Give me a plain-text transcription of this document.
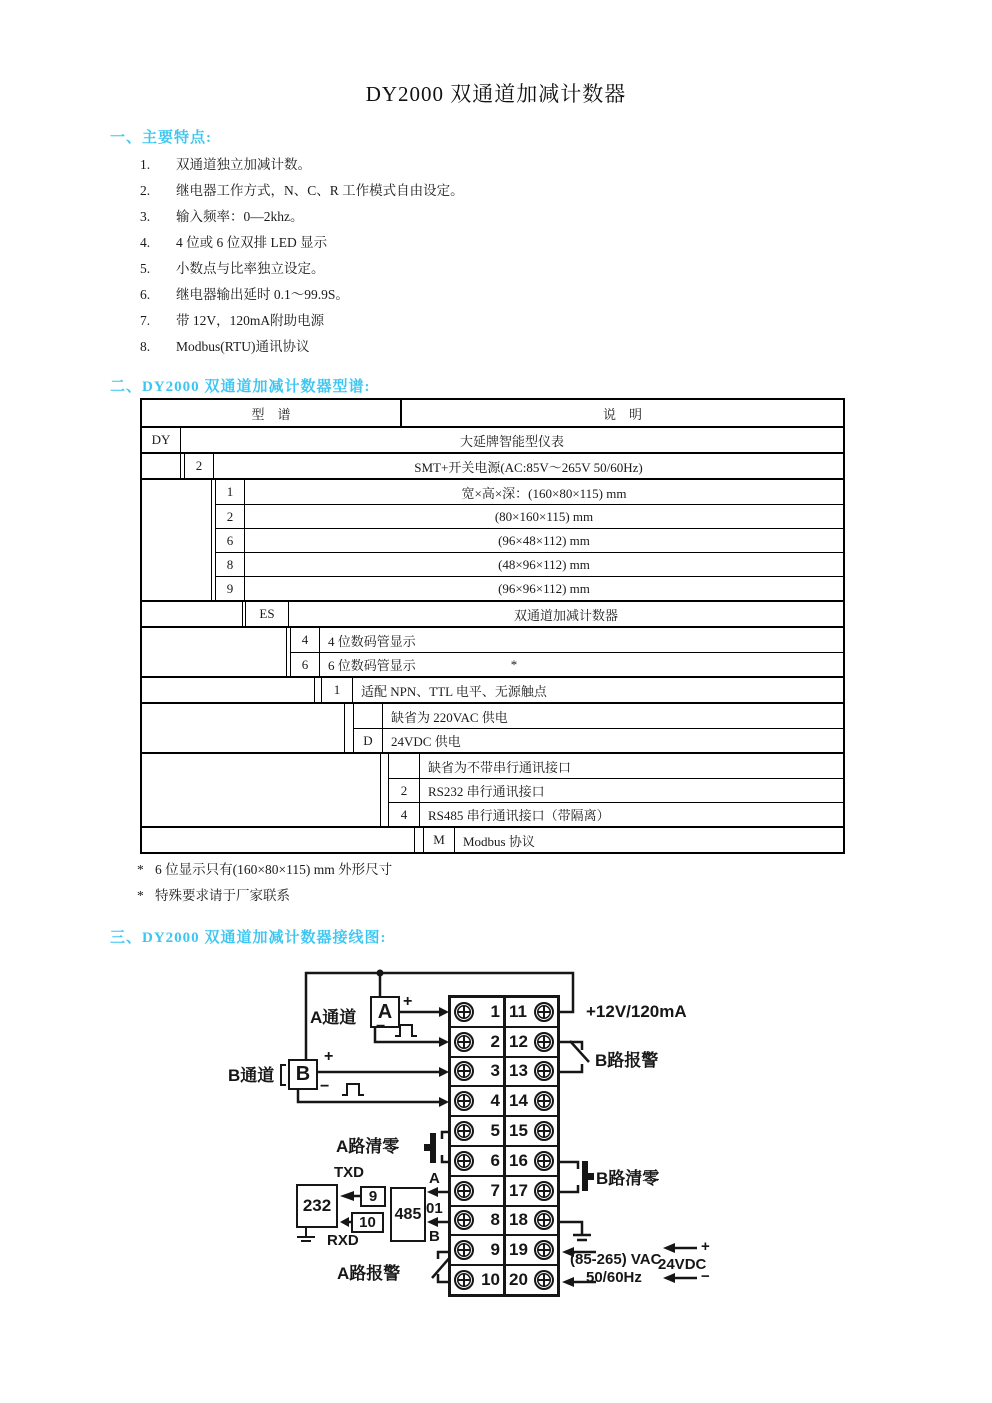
DY2000 双通道加减计数器
一、主要特点:
1. 双通道独立加减计数。
2. 继电器工作方式，N、C、R 工作模式自由设定。
3. 输入频率：0—2khz。
4. 4 位或 6 位双排 LED 显示
5. 小数点与比率独立设定。
6. 继电器输出延时 0.1～99.9S。
7. 带 12V，120mA附助电源
8. Modbus(RTU)通讯协议
二、DY2000 双通道加减计数器型谱:
型　谱	说　明
DY	大延牌智能型仪表
2	SMT+开关电源(AC:85V～265V 50/60Hz)
1	宽×高×深：(160×80×115) mm
2	(80×160×115) mm
6	(96×48×112) mm
8	(48×96×112) mm
9	(96×96×112) mm
ES	双通道加减计数器
4	4 位数码管显示
6	6 位数码管显示	*
1	适配 NPN、TTL 电平、无源触点
缺省为 220VAC 供电
D	24VDC 供电
缺省为不带串行通讯接口
2	RS232 串行通讯接口
4	RS485 串行通讯接口（带隔离）
M	Modbus 协议
* 6 位显示只有(160×80×115) mm 外形尺寸
* 特殊要求请于厂家联系
三、DY2000 双通道加减计数器接线图:
1
2
3
4
5
6
7
8
9
10
11
12
13
14
15
16
17
18
19
20
A通道	A +
−
B通道	B
+
−
+12V/120mA
B路报警
A路清零
B路清零
A路报警
232
TXD
9
10
RXD
485
A
01
B
(85-265) VAC
50/60Hz
+
24VDC
−
